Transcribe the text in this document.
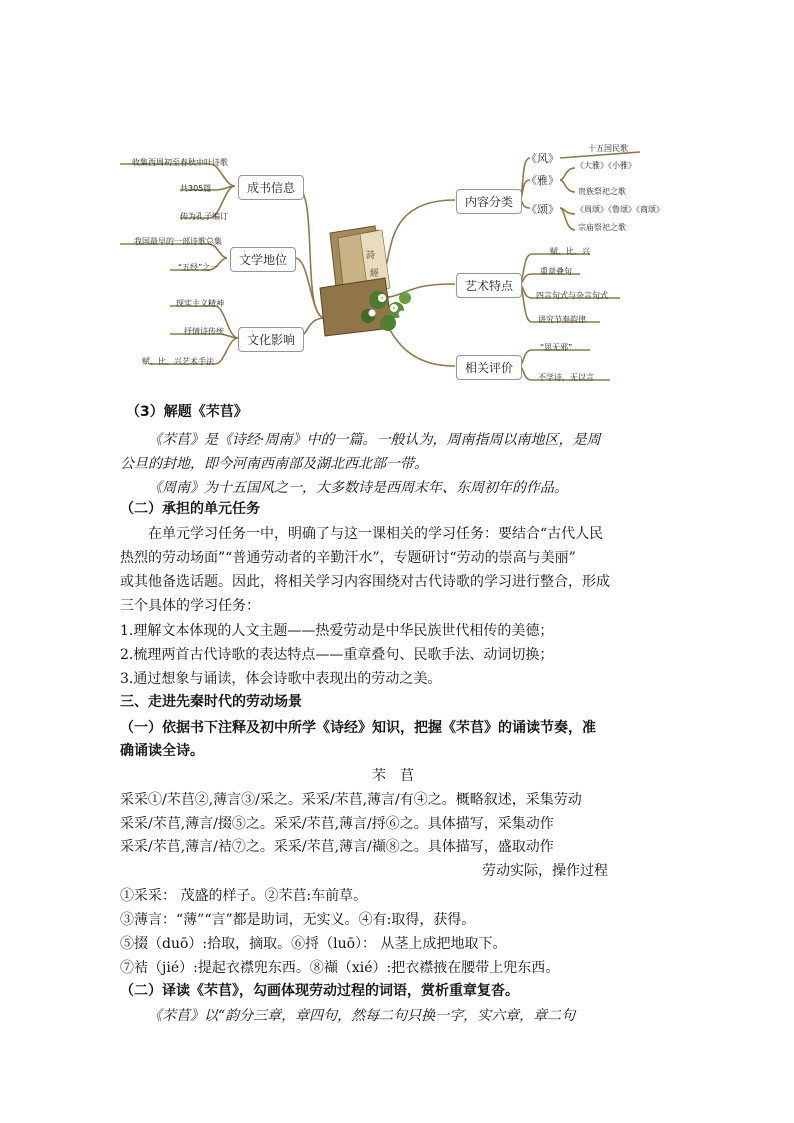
詩
經
收集西周初至春秋中叶诗歌
共305篇
传为孔子编订
成书信息
我国最早的一部诗歌总集
“五经”之一
文学地位
现实主义精神
抒情诗传统
赋、比、兴艺术手法
文化影响
内容分类
《风》
十五国民歌
《雅》
《大雅》《小雅》
贵族祭祀之歌
《颂》 《周颂》《鲁颂》《商颂》
宗庙祭祀之歌
艺术特点
赋、比、兴
重章叠句
四言句式与杂言句式
讲究节奏韵律
相关评价
“思无邪”
不学诗，无以言
（3）解题《芣苢》
《芣苢》是《诗经·周南》中的一篇。一般认为，周南指周以南地区，是周
公旦的封地，即今河南西南部及湖北西北部一带。
《周南》为十五国风之一，大多数诗是西周末年、东周初年的作品。
（二）承担的单元任务
在单元学习任务一中，明确了与这一课相关的学习任务：要结合“古代人民
热烈的劳动场面”“普通劳动者的辛勤汗水”，专题研讨“劳动的崇高与美丽”
或其他备选话题。因此，将相关学习内容围绕对古代诗歌的学习进行整合，形成
三个具体的学习任务：
1.理解文本体现的人文主题——热爱劳动是中华民族世代相传的美德；
2.梳理两首古代诗歌的表达特点——重章叠句、民歌手法、动词切换；
3.通过想象与诵读，体会诗歌中表现出的劳动之美。
三、走进先秦时代的劳动场景
（一）依据书下注释及初中所学《诗经》知识，把握《芣苢》的诵读节奏，准
确诵读全诗。
芣　苢
采采①/芣苢②,薄言③/采之。采采/芣苢,薄言/有④之。概略叙述，采集劳动
采采/芣苢,薄言/掇⑤之。采采/芣苢,薄言/捋⑥之。具体描写，采集动作
采采/芣苢,薄言/袺⑦之。采采/芣苢,薄言/襭⑧之。具体描写，盛取动作
劳动实际，操作过程
①采采： 茂盛的样子。②芣苢:车前草。
③薄言：“薄”“言”都是助词，无实义。④有:取得，获得。
⑤掇（duō）:拾取，摘取。⑥捋（luō）： 从茎上成把地取下。
⑦袺（jié）:提起衣襟兜东西。⑧襭（xié）:把衣襟掖在腰带上兜东西。
（二）译读《芣苢》，勾画体现劳动过程的词语，赏析重章复沓。
《芣苢》以“韵分三章，章四句，然每二句只换一字，实六章，章二句
